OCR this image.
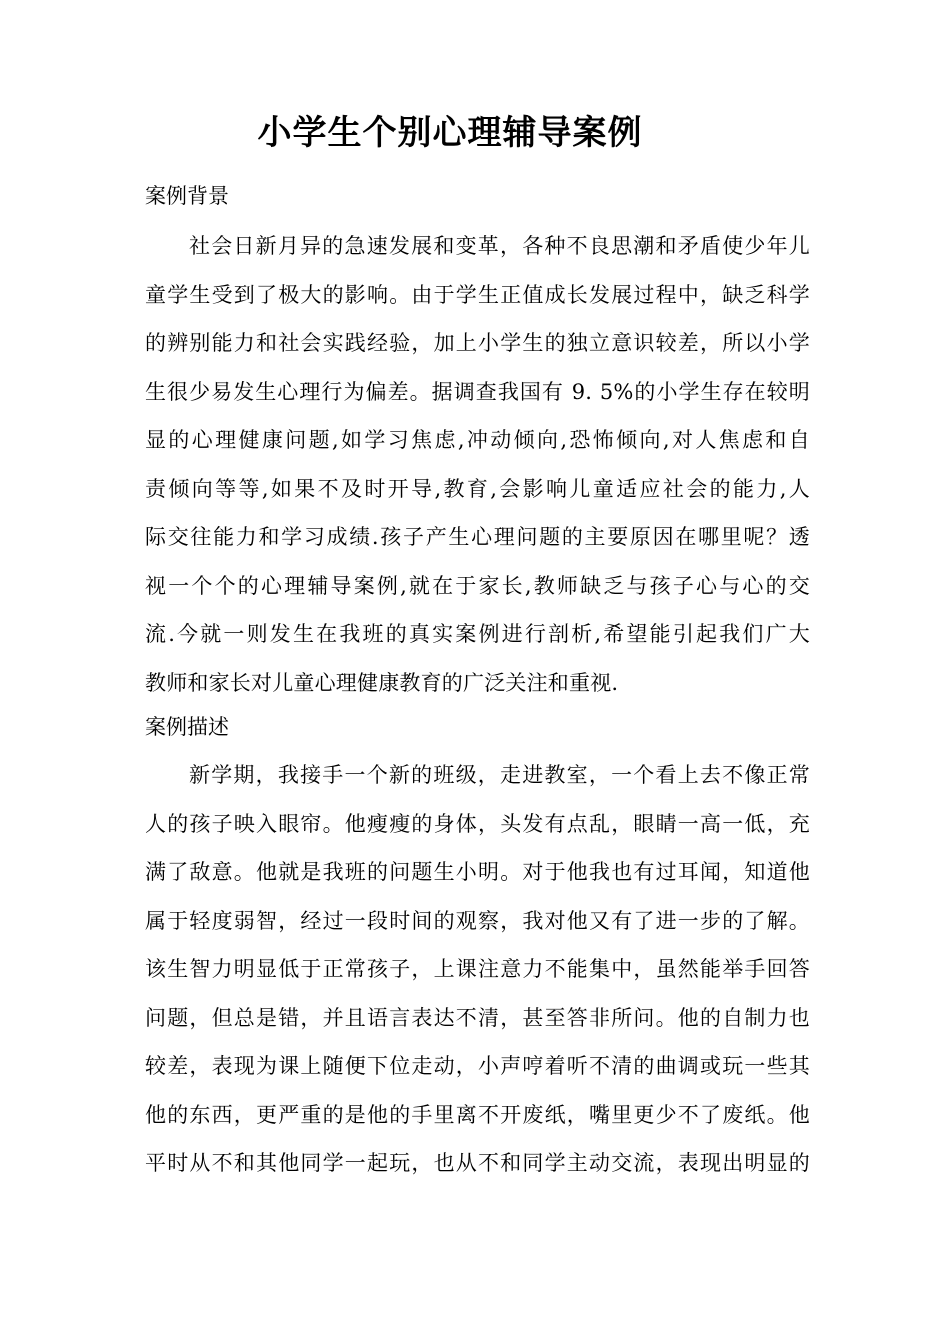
小学生个别心理辅导案例
案例背景
社会日新月异的急速发展和变革，各种不良思潮和矛盾使少年儿
童学生受到了极大的影响。由于学生正值成长发展过程中，缺乏科学
的辨别能力和社会实践经验，加上小学生的独立意识较差，所以小学
生很少易发生心理行为偏差。据调查我国有 9. 5%的小学生存在较明
显的心理健康问题,如学习焦虑,冲动倾向,恐怖倾向,对人焦虑和自
责倾向等等,如果不及时开导,教育,会影响儿童适应社会的能力,人
际交往能力和学习成绩.孩子产生心理问题的主要原因在哪里呢？透
视一个个的心理辅导案例,就在于家长,教师缺乏与孩子心与心的交
流.今就一则发生在我班的真实案例进行剖析,希望能引起我们广大
教师和家长对儿童心理健康教育的广泛关注和重视.
案例描述
新学期，我接手一个新的班级，走进教室，一个看上去不像正常
人的孩子映入眼帘。他瘦瘦的身体，头发有点乱，眼睛一高一低，充
满了敌意。他就是我班的问题生小明。对于他我也有过耳闻，知道他
属于轻度弱智，经过一段时间的观察，我对他又有了进一步的了解。
该生智力明显低于正常孩子，上课注意力不能集中，虽然能举手回答
问题，但总是错，并且语言表达不清，甚至答非所问。他的自制力也
较差，表现为课上随便下位走动，小声哼着听不清的曲调或玩一些其
他的东西，更严重的是他的手里离不开废纸，嘴里更少不了废纸。他
平时从不和其他同学一起玩，也从不和同学主动交流，表现出明显的
